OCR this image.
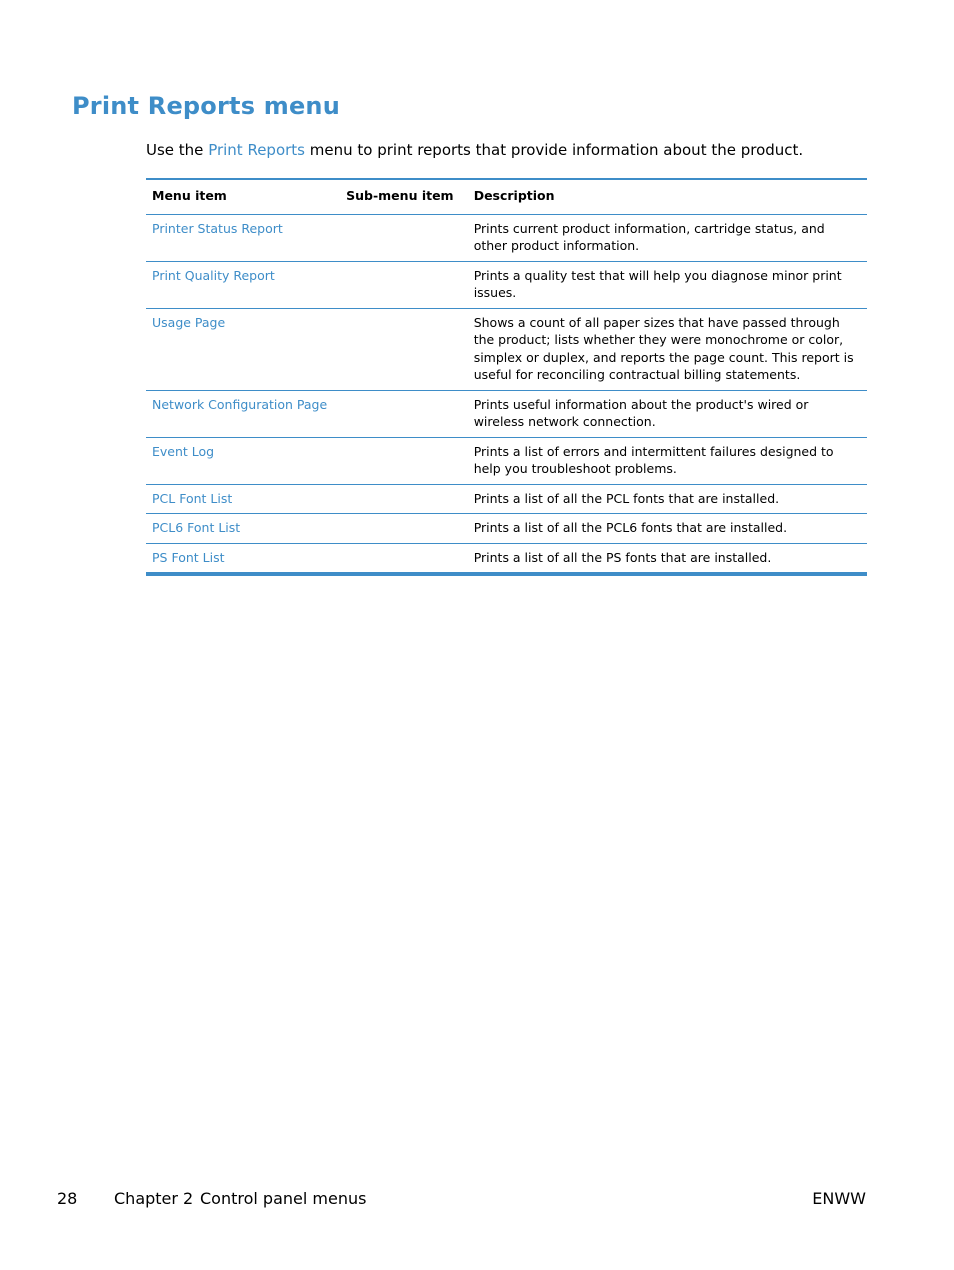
Print Reports menu

Use the Print Reports menu to print reports that provide information about the product.

Menu item	Sub-menu item	Description
Printer Status Report		Prints current product information, cartridge status, and other product information.
Print Quality Report		Prints a quality test that will help you diagnose minor print issues.
Usage Page		Shows a count of all paper sizes that have passed through the product; lists whether they were monochrome or color, simplex or duplex, and reports the page count. This report is useful for reconciling contractual billing statements.
Network Configuration Page		Prints useful information about the product's wired or wireless network connection.
Event Log		Prints a list of errors and intermittent failures designed to help you troubleshoot problems.
PCL Font List		Prints a list of all the PCL fonts that are installed.
PCL6 Font List		Prints a list of all the PCL6 fonts that are installed.
PS Font List		Prints a list of all the PS fonts that are installed.
28 Chapter 2 Control panel menus	ENWW
